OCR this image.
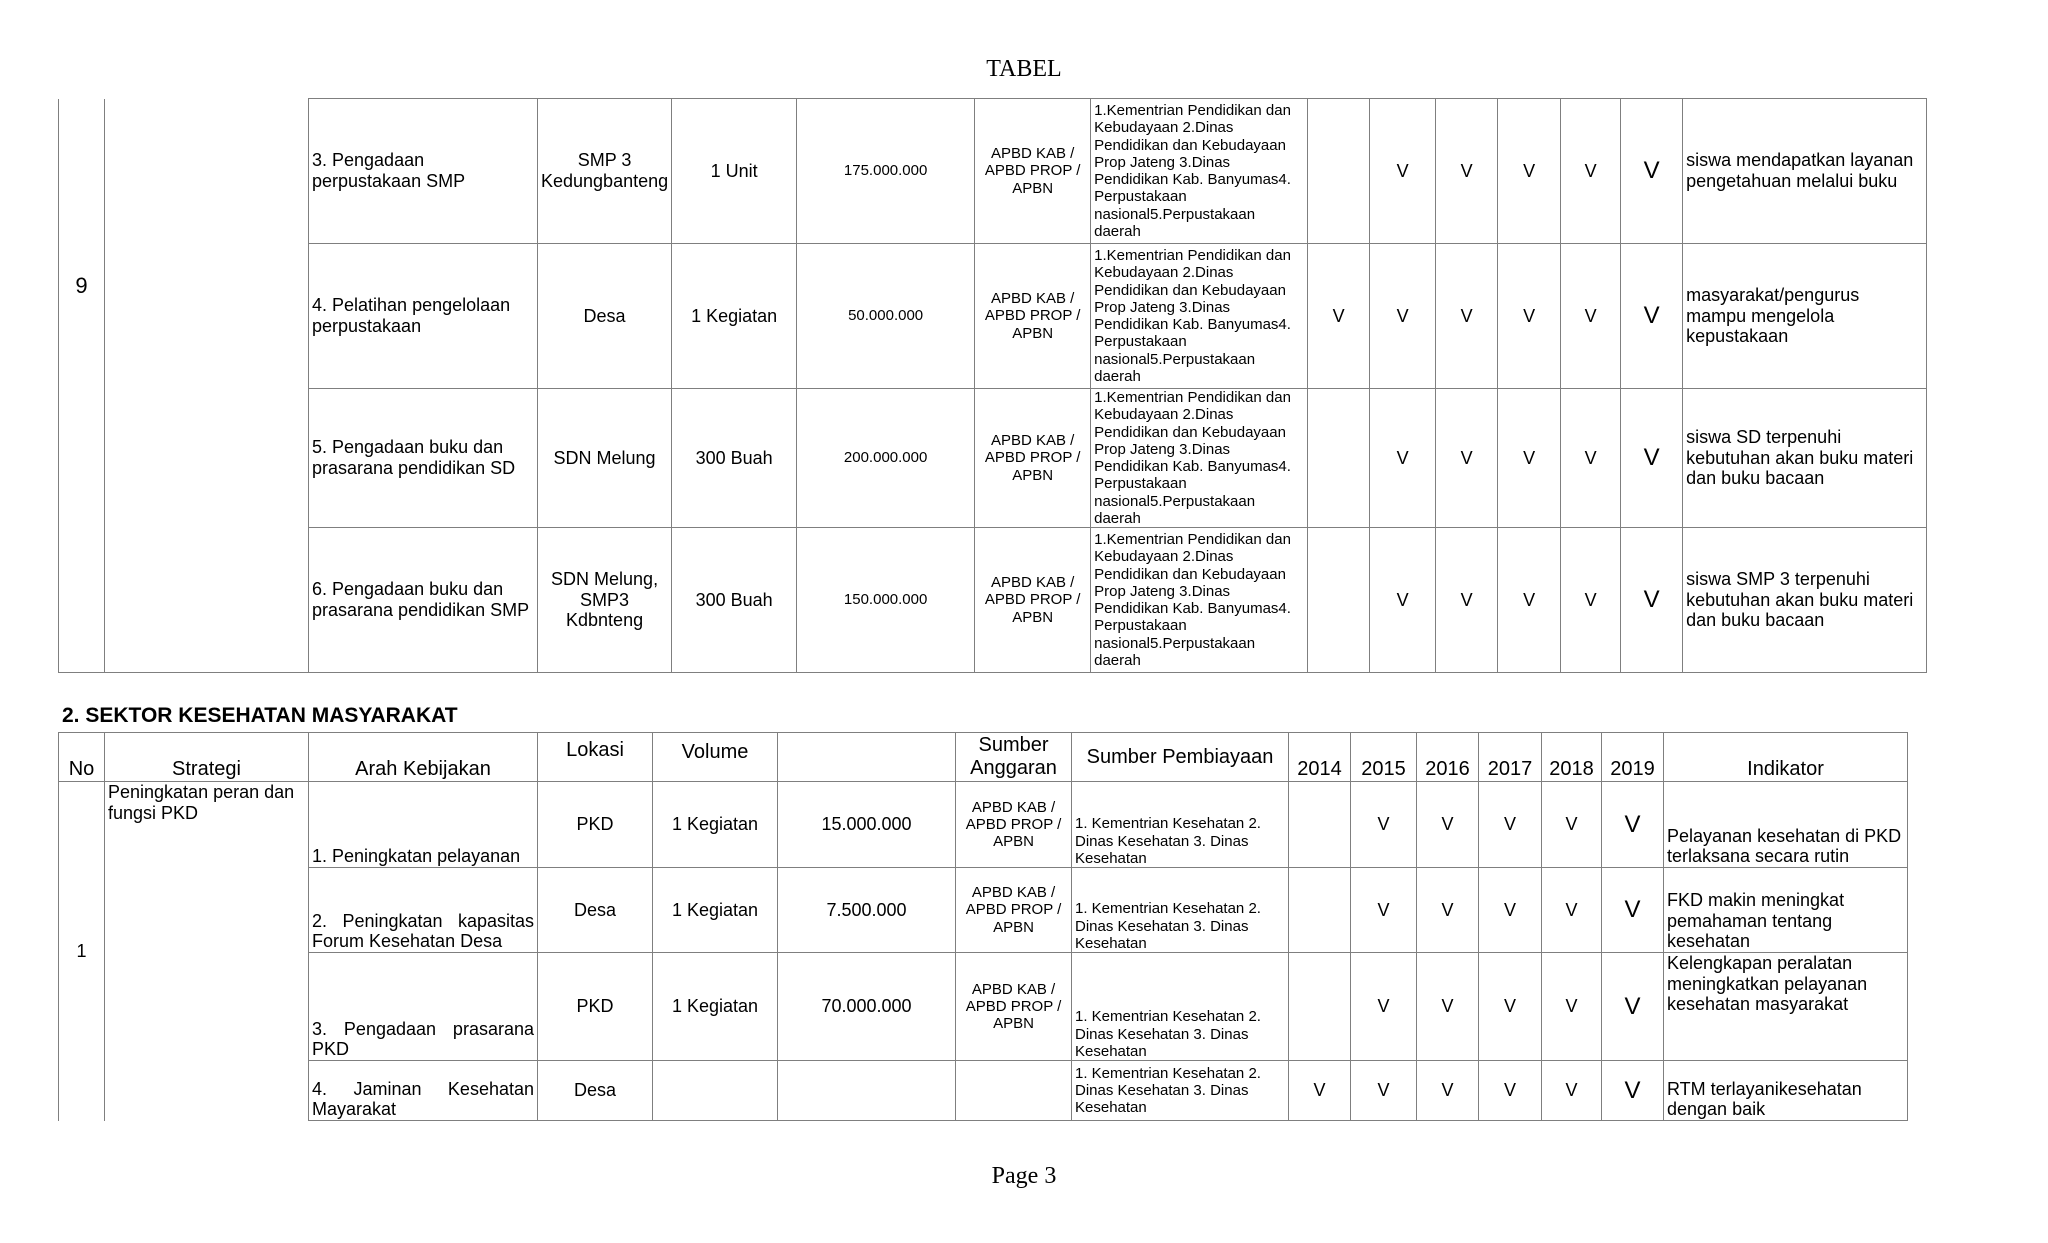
TABEL
9		3. Pengadaan perpustakaan SMP	SMP 3 Kedungbanteng	1 Unit	175.000.000	APBD KAB / APBD PROP / APBN	1.Kementrian Pendidikan dan Kebudayaan 2.Dinas Pendidikan dan Kebudayaan Prop Jateng 3.Dinas Pendidikan Kab. Banyumas4. Perpustakaan nasional5.Perpustakaan daerah		V	V	V	V	V	siswa mendapatkan layanan pengetahuan melalui buku
		4. Pelatihan pengelolaan perpustakaan	Desa	1 Kegiatan	50.000.000	APBD KAB / APBD PROP / APBN	1.Kementrian Pendidikan dan Kebudayaan 2.Dinas Pendidikan dan Kebudayaan Prop Jateng 3.Dinas Pendidikan Kab. Banyumas4. Perpustakaan nasional5.Perpustakaan daerah	V	V	V	V	V	V	masyarakat/pengurus mampu mengelola kepustakaan
		5. Pengadaan buku dan prasarana pendidikan SD	SDN Melung	300 Buah	200.000.000	APBD KAB / APBD PROP / APBN	1.Kementrian Pendidikan dan Kebudayaan 2.Dinas Pendidikan dan Kebudayaan Prop Jateng 3.Dinas Pendidikan Kab. Banyumas4. Perpustakaan nasional5.Perpustakaan daerah		V	V	V	V	V	siswa SD terpenuhi kebutuhan akan buku materi dan buku bacaan
		6. Pengadaan buku dan prasarana pendidikan SMP	SDN Melung, SMP3 Kdbnteng	300 Buah	150.000.000	APBD KAB / APBD PROP / APBN	1.Kementrian Pendidikan dan Kebudayaan 2.Dinas Pendidikan dan Kebudayaan Prop Jateng 3.Dinas Pendidikan Kab. Banyumas4. Perpustakaan nasional5.Perpustakaan daerah		V	V	V	V	V	siswa SMP 3 terpenuhi kebutuhan akan buku materi dan buku bacaan
2. SEKTOR KESEHATAN MASYARAKAT
No	Strategi	Arah Kebijakan	Lokasi	Volume		Sumber Anggaran	Sumber Pembiayaan	2014	2015	2016	2017	2018	2019	Indikator
1	Peningkatan peran dan fungsi PKD	1. Peningkatan pelayanan	PKD	1 Kegiatan	15.000.000	APBD KAB / APBD PROP / APBN	1. Kementrian Kesehatan 2. Dinas Kesehatan 3. Dinas Kesehatan		V	V	V	V	V	Pelayanan kesehatan di PKD terlaksana secara rutin
		2. Peningkatan kapasitas Forum Kesehatan Desa	Desa	1 Kegiatan	7.500.000	APBD KAB / APBD PROP / APBN	1. Kementrian Kesehatan 2. Dinas Kesehatan 3. Dinas Kesehatan		V	V	V	V	V	FKD makin meningkat pemahaman tentang kesehatan
		3. Pengadaan prasarana PKD	PKD	1 Kegiatan	70.000.000	APBD KAB / APBD PROP / APBN	1. Kementrian Kesehatan 2. Dinas Kesehatan 3. Dinas Kesehatan		V	V	V	V	V	Kelengkapan peralatan meningkatkan pelayanan kesehatan masyarakat
		4. Jaminan Kesehatan Mayarakat	Desa				1. Kementrian Kesehatan 2. Dinas Kesehatan 3. Dinas Kesehatan	V	V	V	V	V	V	RTM terlayanikesehatan dengan baik
Page 3
